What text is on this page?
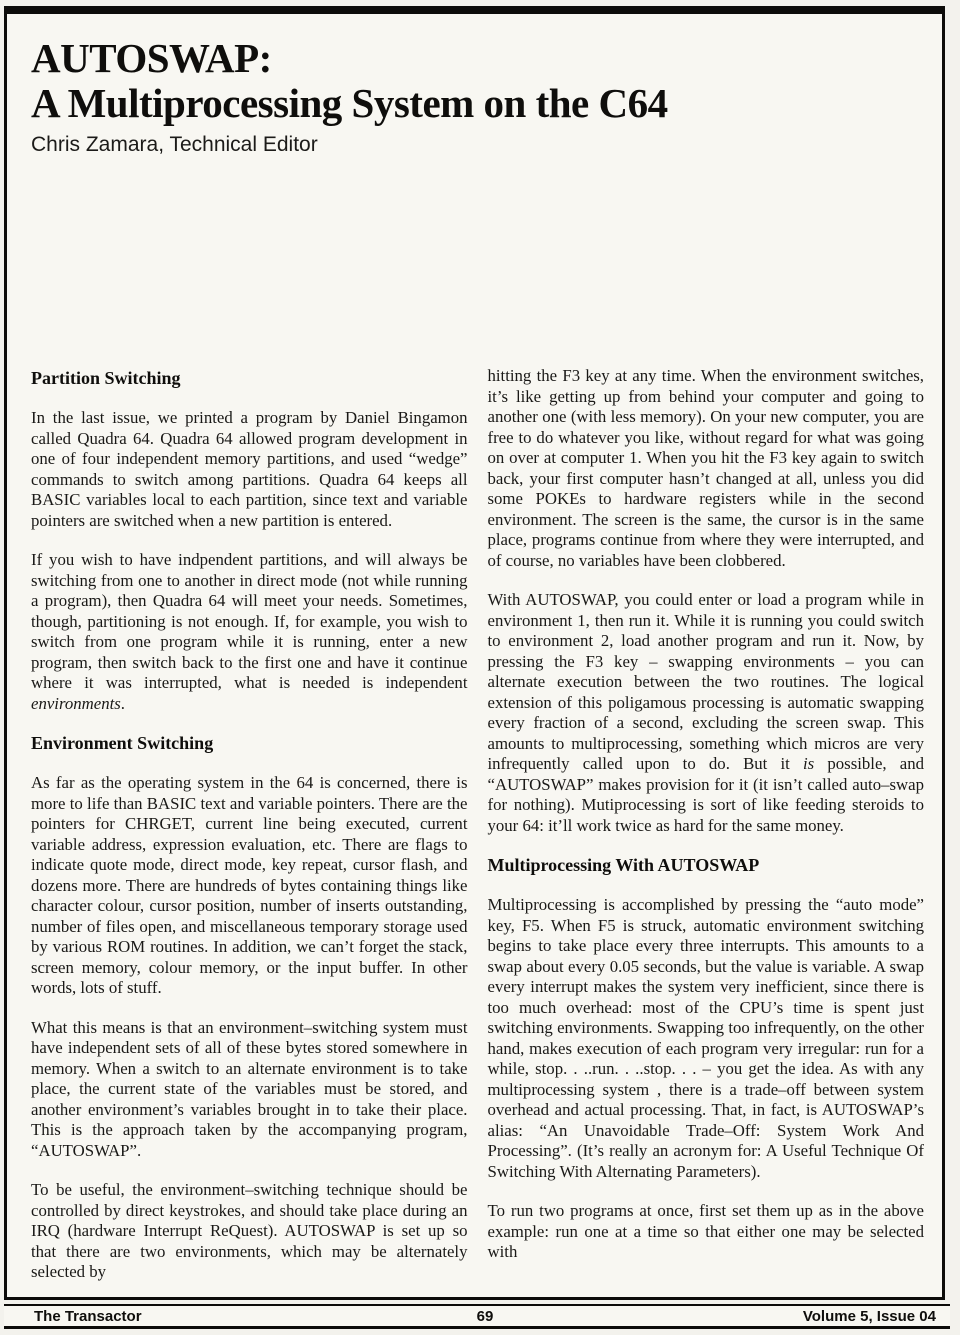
AUTOSWAP:
A Multiprocessing System on the C64
Chris Zamara, Technical Editor
Partition Switching

In the last issue, we printed a program by Daniel Bingamon called Quadra 64. Quadra 64 allowed program development in one of four independent memory partitions, and used “wedge” commands to switch among partitions. Quadra 64 keeps all BASIC variables local to each partition, since text and variable pointers are switched when a new partition is entered.

If you wish to have indpendent partitions, and will always be switching from one to another in direct mode (not while running a program), then Quadra 64 will meet your needs. Sometimes, though, partitioning is not enough. If, for example, you wish to switch from one program while it is running, enter a new program, then switch back to the first one and have it continue where it was interrupted, what is needed is independent environments.

Environment Switching

As far as the operating system in the 64 is concerned, there is more to life than BASIC text and variable pointers. There are the pointers for CHRGET, current line being executed, current variable address, expression evaluation, etc. There are flags to indicate quote mode, direct mode, key repeat, cursor flash, and dozens more. There are hundreds of bytes containing things like character colour, cursor position, number of inserts outstanding, number of files open, and miscellaneous temporary storage used by various ROM routines. In addition, we can’t forget the stack, screen memory, colour memory, or the input buffer. In other words, lots of stuff.

What this means is that an environment–switching system must have independent sets of all of these bytes stored somewhere in memory. When a switch to an alternate environment is to take place, the current state of the variables must be stored, and another environment’s variables brought in to take their place. This is the approach taken by the accompanying program, “AUTOSWAP”.

To be useful, the environment–switching technique should be controlled by direct keystrokes, and should take place during an IRQ (hardware Interrupt ReQuest). AUTOSWAP is set up so that there are two environments, which may be alternately selected by

hitting the F3 key at any time. When the environment switches, it’s like getting up from behind your computer and going to another one (with less memory). On your new computer, you are free to do whatever you like, without regard for what was going on over at computer 1. When you hit the F3 key again to switch back, your first computer hasn’t changed at all, unless you did some POKEs to hardware registers while in the second environment. The screen is the same, the cursor is in the same place, programs continue from where they were interrupted, and of course, no variables have been clobbered.

With AUTOSWAP, you could enter or load a program while in environment 1, then run it. While it is running you could switch to environment 2, load another program and run it. Now, by pressing the F3 key – swapping environments – you can alternate execution between the two routines. The logical extension of this poligamous processing is automatic swapping every fraction of a second, excluding the screen swap. This amounts to multiprocessing, something which micros are very infrequently called upon to do. But it is possible, and “AUTOSWAP” makes provision for it (it isn’t called auto–swap for nothing). Mutiprocessing is sort of like feeding steroids to your 64: it’ll work twice as hard for the same money.

Multiprocessing With AUTOSWAP

Multiprocessing is accomplished by pressing the “auto mode” key, F5. When F5 is struck, automatic environment switching begins to take place every three interrupts. This amounts to a swap about every 0.05 seconds, but the value is variable. A swap every interrupt makes the system very inefficient, since there is too much overhead: most of the CPU’s time is spent just switching environments. Swapping too infrequently, on the other hand, makes execution of each program very irregular: run for a while, stop. . ..run. . ..stop. . . – you get the idea. As with any multiprocessing system , there is a trade–off between system overhead and actual processing. That, in fact, is AUTOSWAP’s alias: “An Unavoidable Trade–Off: System Work And Processing”. (It’s really an acronym for: A Useful Technique Of Switching With Alternating Parameters).

To run two programs at once, first set them up as in the above example: run one at a time so that either one may be selected with

The Transactor	69	Volume 5, Issue 04
